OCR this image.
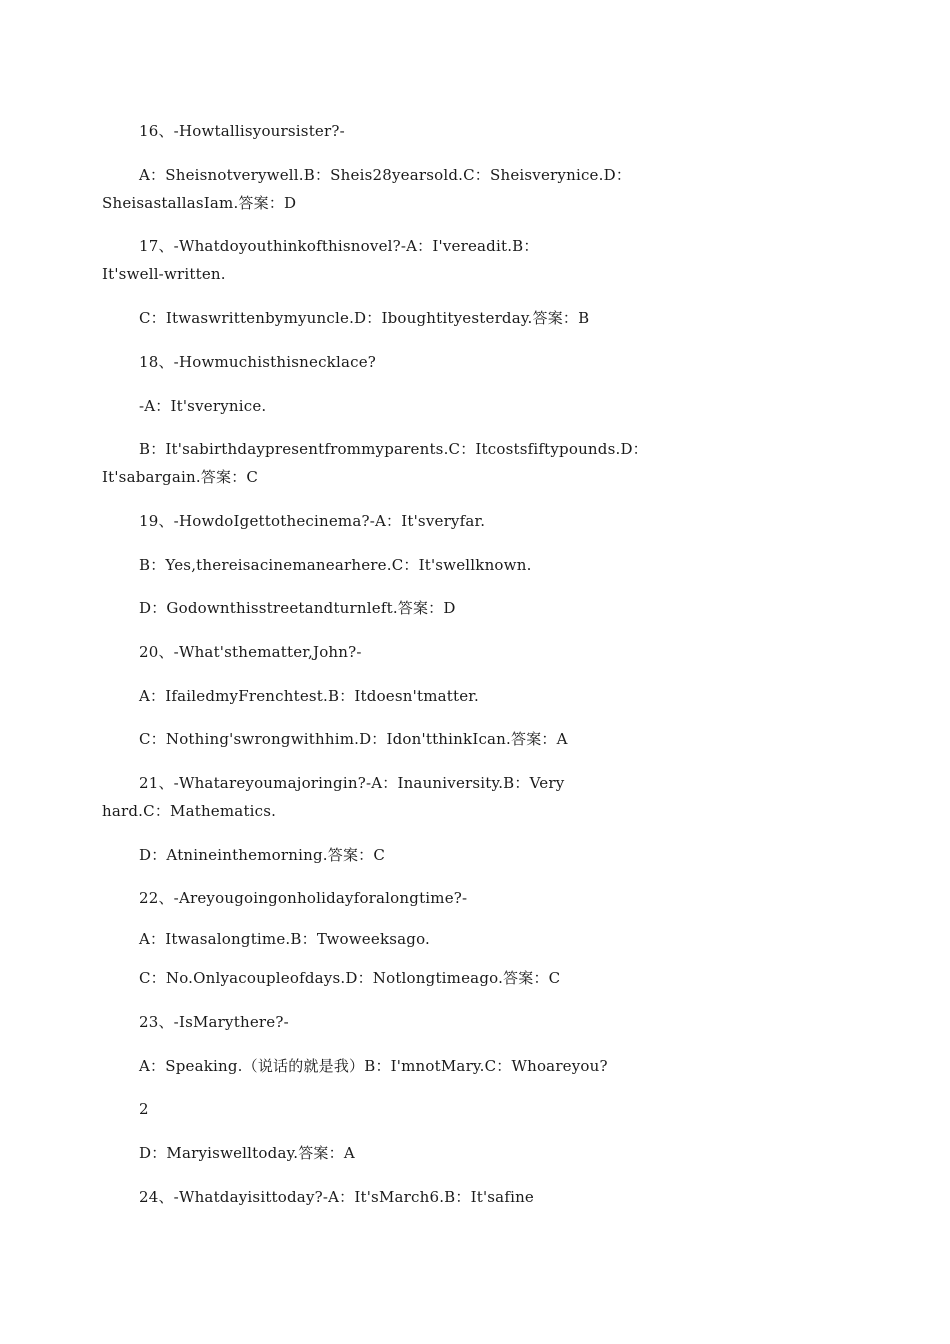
16、-Howtallisyoursister?-
A：Sheisnotverywell.B：Sheis28yearsold.C：Sheisverynice.D：
SheisastallasIam.答案：D
17、-Whatdoyouthinkofthisnovel?-A：I'vereadit.B：
It'swell-written.
C：Itwaswrittenbymyuncle.D：Iboughtityesterday.答案：B
18、-Howmuchisthisnecklace?
-A：It'sverynice.
B：It'sabirthdaypresentfrommyparents.C：Itcostsfiftypounds.D：
It'sabargain.答案：C
19、-HowdoIgettothecinema?-A：It'sveryfar.
B：Yes,thereisacinemanearhere.C：It'swellknown.
D：Godownthisstreetandturnleft.答案：D
20、-What'sthematter,John?-
A：IfailedmyFrenchtest.B：Itdoesn'tmatter.
C：Nothing'swrongwithhim.D：Idon'tthinkIcan.答案：A
21、-Whatareyoumajoringin?-A：Inauniversity.B：Very
hard.C：Mathematics.
D：Atnineinthemorning.答案：C
22、-Areyougoingonholidayforalongtime?-
A：Itwasalongtime.B：Twoweeksago.
C：No.Onlyacoupleofdays.D：Notlongtimeago.答案：C
23、-IsMarythere?-
A：Speaking.（说话的就是我）B：I'mnotMary.C：Whoareyou?
2
D：Maryiswelltoday.答案：A
24、-Whatdayisittoday?-A：It'sMarch6.B：It'safine
